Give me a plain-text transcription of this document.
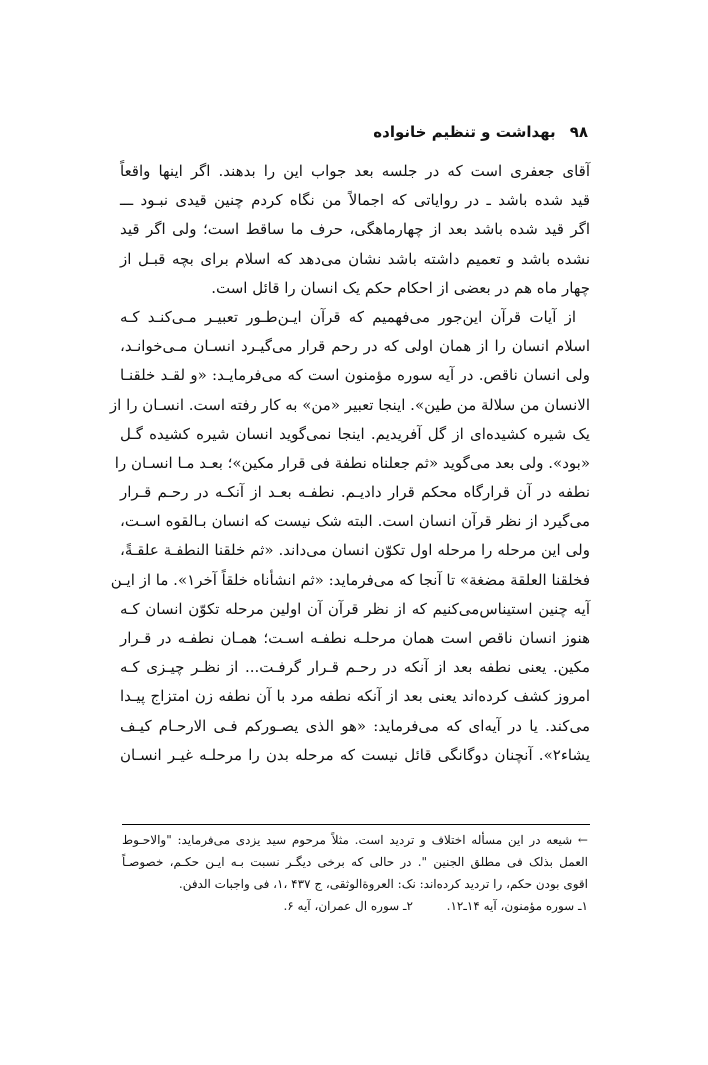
۹۸بهداشت و تنظیم خانواده
آقای جعفری است که در جلسه بعد جواب این را بدهند. اگر اینها واقعاً
قید شده باشد ـ در روایاتی که اجمالاً من نگاه کردم چنین قیدی نبـود ـــ
اگر قید شده باشد بعد از چهارماهگی، حرف ما ساقط است؛ ولی اگر قید
نشده باشد و تعمیم داشته باشد نشان می‌دهد که اسلام برای بچه قبـل از
چهار ماه هم در بعضی از احکام حکم یک انسان را قائل است.
از آیات قرآن این‌جور می‌فهمیم که قرآن ایـن‌طـور تعبیـر مـی‌کنـد کـه
اسلام انسان را از همان اولی که در رحم قرار می‌گیـرد انسـان مـی‌خوانـد،
ولی انسان ناقص. در آیه سوره مؤمنون است که می‌فرمایـد: «و لقـد خلقنـا
الانسان من سلالة من طین». اینجا تعبیر «من» به کار رفته است. انسـان را از
یک شیره کشیده‌ای از گل آفریدیم. اینجا نمی‌گوید انسان شیره کشیده گـل
«بود». ولی بعد می‌گوید «ثم جعلناه نطفة فی قرار مکین»؛ بعـد مـا انسـان را
نطفه در آن قرارگاه محکم قرار دادیـم. نطفـه بعـد از آنکـه در رحـم قـرار
می‌گیرد از نظر قرآن انسان است. البته شک نیست که انسان بـالقوه اسـت،
ولی این مرحله را مرحله اول تکوّن انسان می‌داند. «ثم خلقنا النطفـة علقـةً،
فخلقنا العلقة مضغة» تا آنجا که می‌فرماید: «ثم انشأناه خلقاً آخر۱». ما از ایـن
آیه چنین استیناس‌می‌کنیم که از نظر قرآن آن اولین مرحله تکوّن انسان کـه
هنوز انسان ناقص است همان مرحلـه نطفـه اسـت؛ همـان نطفـه در قـرار
مکین. یعنی نطفه بعد از آنکه در رحـم قـرار گرفـت... از نظـر چیـزی کـه
امروز کشف کرده‌اند یعنی بعد از آنکه نطفه مرد با آن نطفه زن امتزاج پیـدا
می‌کند. یا در آیه‌ای که می‌فرماید: «هو الذی یصـورکم فـی الارحـام کیـف
یشاء۲». آنچنان دوگانگی قائل نیست که مرحله بدن را مرحلـه غیـر انسـان
← شیعه در این مسأله اختلاف و تردید است. مثلاً مرحوم سید یزدی می‌فرماید: "والاحـوط
العمل بذلک فی مطلق الجنین ". در حالی که برخی دیگـر نسبت بـه ایـن حکـم، خصوصـاً
اقوی بودن حکم، را تردید کرده‌اند: نک: العروة‌الوثقی، ج ۴۳۷ ،۱، فی واجبات الدفن.
۱ـ سوره مؤمنون، آیه ۱۴ـ۱۲.
۲ـ سوره ال عمران، آیه ۶.
